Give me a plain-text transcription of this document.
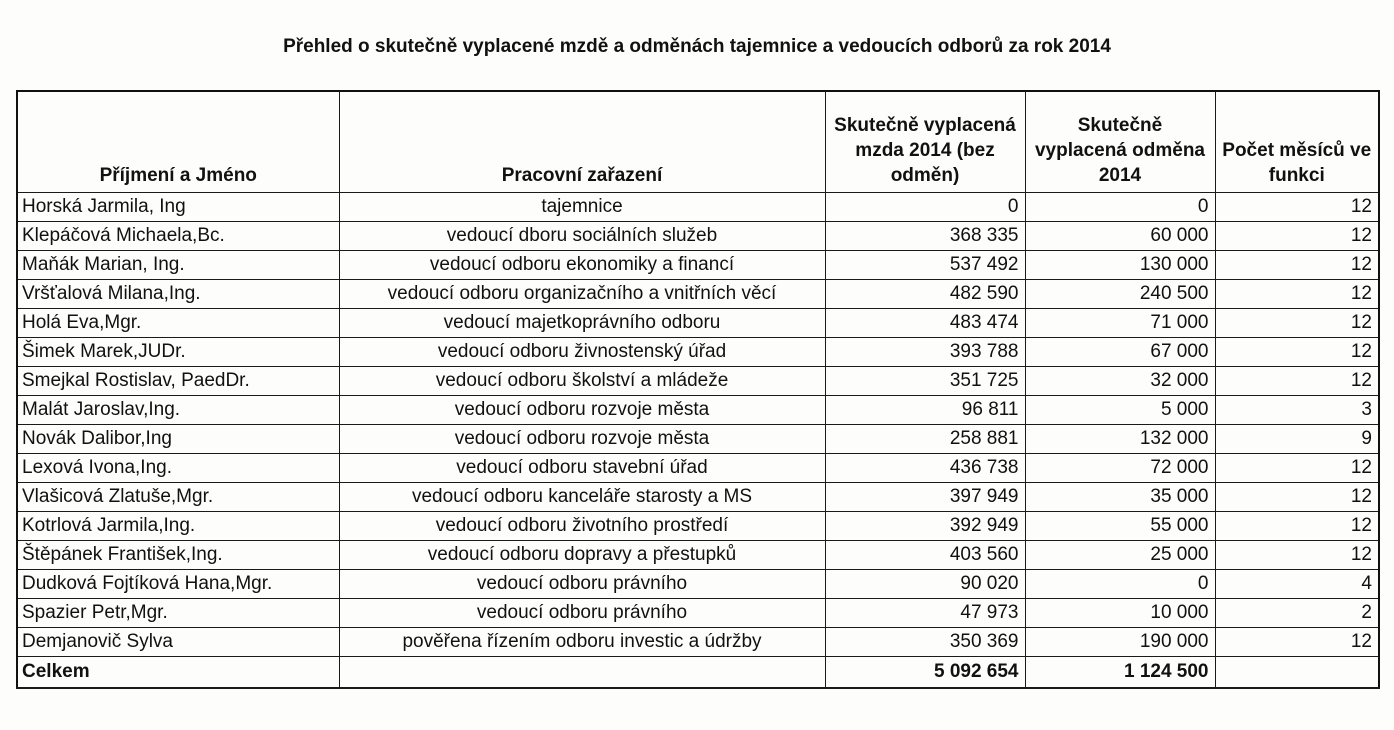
Přehled o skutečně vyplacené mzdě a odměnách tajemnice a vedoucích odborů za rok 2014
Příjmení a Jméno	Pracovní zařazení	Skutečně vyplacená mzda 2014 (bez odměn)	Skutečně vyplacená odměna 2014	Počet měsíců ve funkci
Horská Jarmila, Ing	tajemnice	0	0	12
Klepáčová Michaela,Bc.	vedoucí dboru sociálních služeb	368 335	60 000	12
Maňák Marian, Ing.	vedoucí odboru ekonomiky a financí	537 492	130 000	12
Vršťalová Milana,Ing.	vedoucí odboru organizačního a vnitřních věcí	482 590	240 500	12
Holá Eva,Mgr.	vedoucí majetkoprávního odboru	483 474	71 000	12
Šimek Marek,JUDr.	vedoucí odboru živnostenský úřad	393 788	67 000	12
Smejkal Rostislav, PaedDr.	vedoucí odboru školství a mládeže	351 725	32 000	12
Malát Jaroslav,Ing.	vedoucí odboru rozvoje města	96 811	5 000	3
Novák Dalibor,Ing	vedoucí odboru rozvoje města	258 881	132 000	9
Lexová Ivona,Ing.	vedoucí odboru stavební úřad	436 738	72 000	12
Vlašicová Zlatuše,Mgr.	vedoucí odboru kanceláře starosty a MS	397 949	35 000	12
Kotrlová Jarmila,Ing.	vedoucí odboru životního prostředí	392 949	55 000	12
Štěpánek František,Ing.	vedoucí odboru dopravy a přestupků	403 560	25 000	12
Dudková Fojtíková Hana,Mgr.	vedoucí odboru právního	90 020	0	4
Spazier Petr,Mgr.	vedoucí odboru právního	47 973	10 000	2
Demjanovič Sylva	pověřena řízením odboru investic a údržby	350 369	190 000	12
Celkem		5 092 654	1 124 500	
